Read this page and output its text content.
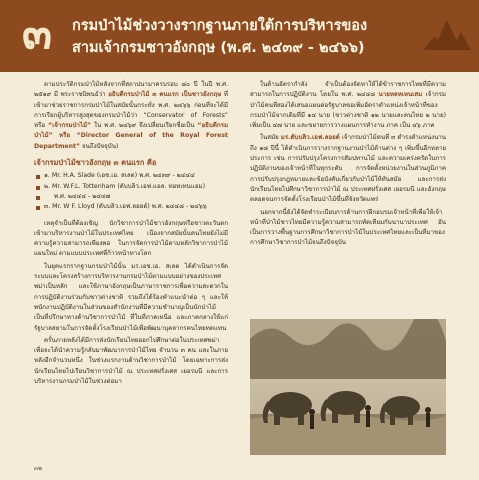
๓	กรมป่าไม้ช่วงวางรากฐานภายใต้การบริหารของ
สามเจ้ากรมชาวอังกฤษ (พ.ศ. ๒๔๓๙ - ๒๔๖๖)

ตามประวัติกรมป่าไม้หลังจากที่สถาปนามาครบรอบ ๘๐ ปี ในปี พ.ศ. ๒๕๑๙ มี พระราชนิพนธ์ว่า อธิบดีกรมป่าไม้ ๓ คนแรก เป็นชาวอังกฤษ ที่เข้ามาช่วยราชการกรมป่าไม้ในสมัยนั้นกระทั่ง พ.ศ. ๒๔๖๖ ก่อนที่จะได้มีการเรียกผู้บริหารสูงสุดของกรมป่าไม้ว่า “Conservator of Forests” หรือ “เจ้ากรมป่าไม้” ใน พ.ศ. ๒๔๖๙ จึงเปลี่ยนเรียกชื่อเป็น “อธิบดีกรมป่าไม้” หรือ “Director General of the Royal Forest Department” จนถึงปัจจุบัน)

เจ้ากรมป่าไม้ชาวอังกฤษ ๓ คนแรก คือ
๑. Mr. H.A. Slade (เอช.เอ. สเลด) พ.ศ. ๒๔๓๙ - ๒๔๔๔
๒. Mr. W.F.L. Tottenham (ดับบลิว.เอฟ.แอล. ทอทเทนแฮม)
พ.ศ. ๒๔๔๔ - ๒๔๔๗
๓. Mr. W F. Lloyd (ดับบลิว.เอฟ.ลอยด์) พ.ศ. ๒๔๔๘ - ๒๔๖๖

เหตุจำเป็นที่ต้องเชิญ นักวิชาการป่าไม้ชาวอังกฤษหรือชาวตะวันตกเข้ามาบริหารงานป่าไม้ในประเทศไทย เนื่องจากสมัยนั้นคนไทยยังไม่มีความรู้ความสามารถเพียงพอ ในการจัดการป่าไม้ตามหลักวิชาการป่าไม้แผนใหม่ ตามแบบประเทศที่ก้าวหน้าทางโลก

ในยุคแรกรากฐานกรมป่าไม้นั้น มร.เอช.เอ. สเลด ได้ดำเนินการจัดระบบและโครงสร้างการบริหารงานกรมป่าไม้ตามแบบอย่างของประเทศพม่าเป็นหลัก และใช้ภาษาอังกฤษเป็นภาษาราชการเพื่อความสะดวกในการปฏิบัติงานร่วมกับชาวต่างชาติ รวมถึงได้ร้องคำแนะนำต่อ ๆ และให้พนักงานปฏิบัติงานในส่วนของสำนักงานที่มีความชำนาญเป็นนักป่าไม้ เป็นที่ปรึกษาทางด้านวิชาการป่าไม้ ที่ในที่ภาคเหนือ และภาคกลางให้แก่รัฐบาลสยามในการจัดตั้งโรงเรียนป่าไม้เพื่อพัฒนาบุคลากรคนไทยทดแทน

ครั้นภายหลังได้มีการส่งนักเรียนไทยออกไปศึกษาต่อในประเทศพม่า เพื่อจะได้นำความรู้กลับมาพัฒนาการป่าไม้ไทย จำนวน ๓ คน และในภายหลังอีกจำนวนหนึ่ง ในช่วงแรกงานด้านวิชาการป่าไม้ โดยเฉพาะการส่งนักเรียนไทยไปเรียนวิชาการป่าไม้ ณ ประเทศฝรั่งเศส เยอรมนี และการบริหารงานกรมป่าไม้ในช่วงต่อมา

ในด้านอัตรากำลัง จำเป็นต้องจัดหาให้ได้ข้าราชการไทยที่มีความสามารถในการปฏิบัติงาน โดยใน พ.ศ. ๒๔๔๘ นายหลหเหนเสม เจ้ากรมป่าไม้คนที่สองได้เสนอแผนต่อรัฐบาลขอเพิ่มอัตราตำแหน่งเจ้าหน้าที่ของกรมป่าไม้จากเดิมที่มี ๑๔ นาย (ชาวต่างชาติ ๑๒ นายและคนไทย ๒ นาย) เพิ่มเป็น ๔๗ นาย และขยายการวางแผนการทำงาน ภาค เป็น ๔๖ ภาค

ในสมัย มร.ดับบลิว.เอฟ.ลอยด์ เจ้ากรมป่าไม้คนที่ ๓ ดำรงตำแหน่งนานถึง ๑๘ ปีนี้ ได้ดำเนินการวางรากฐานงานป่าไม้ด้านต่าง ๆ เพิ่มขึ้นอีกหลายประการ เช่น การปรับปรุงโครงการสัมปทานไม้ และความเคร่งครัดในการปฏิบัติงานของเจ้าหน้าที่ในทุกระดับ การจัดตั้งหน่วยงานในส่วนภูมิภาค การปรับปรุงกฎหมายและข้อบังคับเกี่ยวกับป่าไม้ให้ทันสมัย และการส่งนักเรียนไทยไปศึกษาวิชาการป่าไม้ ณ ประเทศฝรั่งเศส เยอรมนี และอังกฤษ ตลอดจนการจัดตั้งโรงเรียนป่าไม้ขึ้นที่จังหวัดแพร่

นอกจากนี้ยังได้จัดทำระเบียบการด้านการฝึกอบรมเจ้าหน้าที่เพื่อให้เจ้าหน้าที่ป่าไม้ชาวไทยมีความรู้ความสามารถทัดเทียมกับนานาประเทศ อันเป็นการวางพื้นฐานการศึกษาวิชาการป่าไม้ในประเทศไทยและเป็นที่มาของการศึกษาวิชาการป่าไม้จนถึงปัจจุบัน

๓๒
